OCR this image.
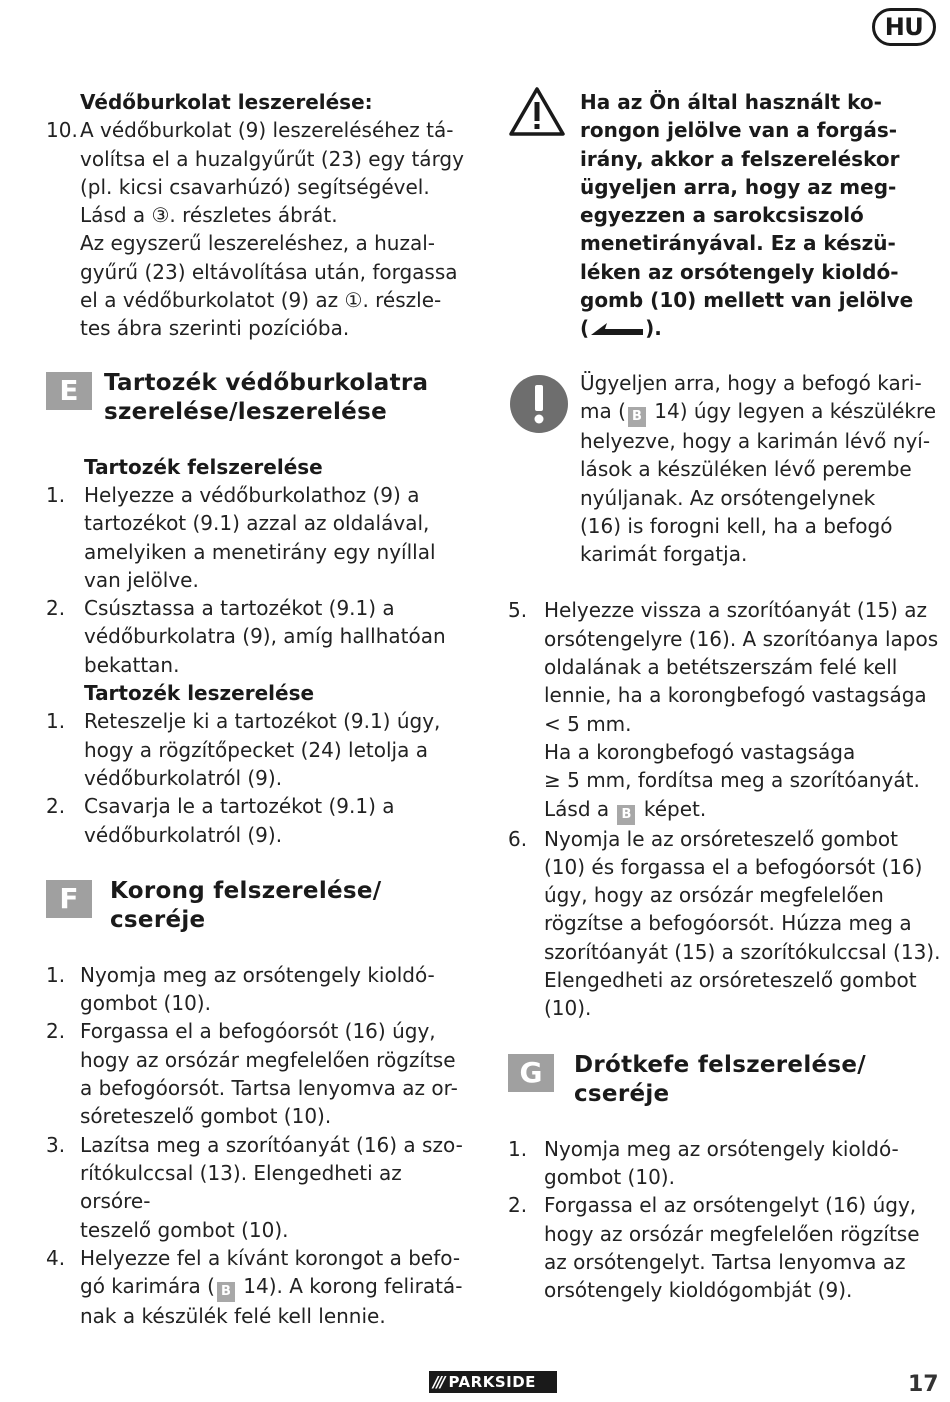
HU
Védőburkolat leszerelése:
10. A védőburkolat (9) leszereléséhez tá-
volítsa el a huzalgyűrűt (23) egy tárgy
(pl. kicsi csavarhúzó) segítségével.
Lásd a ③. részletes ábrát.
Az egyszerű leszereléshez, a huzal-
gyűrű (23) eltávolítása után, forgassa
el a védőburkolatot (9) az ①. részle-
tes ábra szerinti pozícióba.
E	Tartozék védőburkolatra
szerelése/leszerelése
Tartozék felszerelése
1. Helyezze a védőburkolathoz (9) a
tartozékot (9.1) azzal az oldalával,
amelyiken a menetirány egy nyíllal
van jelölve.
2. Csúsztassa a tartozékot (9.1) a
védőburkolatra (9), amíg hallhatóan
bekattan.
Tartozék leszerelése
1. Reteszelje ki a tartozékot (9.1) úgy,
hogy a rögzítőpecket (24) letolja a
védőburkolatról (9).
2. Csavarja le a tartozékot (9.1) a
védőburkolatról (9).
F	Korong felszerelése/
cseréje
1. Nyomja meg az orsótengely kioldó-
gombot (10).
2. Forgassa el a befogóorsót (16) úgy,
hogy az orsózár megfelelően rögzítse
a befogóorsót. Tartsa lenyomva az or-
sóreteszelő gombot (10).
3. Lazítsa meg a szorítóanyát (16) a szo-
rítókulccsal (13). Elengedheti az orsóre-
teszelő gombot (10).
4. Helyezze fel a kívánt korongot a befo-
gó karimára ( B 14). A korong feliratá-
nak a készülék felé kell lennie.
Ha az Ön által használt ko-
rongon jelölve van a forgás-
irány, akkor a felszereléskor
ügyeljen arra, hogy az meg-
egyezzen a sarokcsiszoló
menetirányával. Ez a készü-
léken az orsótengely kioldó-
gomb (10) mellett van jelölve
(	).
Ügyeljen arra, hogy a befogó kari-
ma ( B 14) úgy legyen a készülékre
helyezve, hogy a karimán lévő nyí-
lások a készüléken lévő perembe
nyúljanak. Az orsótengelynek
(16) is forogni kell, ha a befogó
karimát forgatja.
5. Helyezze vissza a szorítóanyát (15) az
orsótengelyre (16). A szorítóanya lapos
oldalának a betétszerszám felé kell
lennie, ha a korongbefogó vastagsága
< 5 mm.
Ha a korongbefogó vastagsága
≥ 5 mm, fordítsa meg a szorítóanyát.
Lásd a B képet.
6. Nyomja le az orsóreteszelő gombot
(10) és forgassa el a befogóorsót (16)
úgy, hogy az orsózár megfelelően
rögzítse a befogóorsót. Húzza meg a
szorítóanyát (15) a szorítókulccsal (13).
Elengedheti az orsóreteszelő gombot
(10).
G	Drótkefe felszerelése/
cseréje
1. Nyomja meg az orsótengely kioldó-
gombot (10).
2. Forgassa el az orsótengelyt (16) úgy,
hogy az orsózár megfelelően rögzítse
az orsótengelyt. Tartsa lenyomva az
orsótengely kioldógombját (9).
/// PARKSIDE	17
